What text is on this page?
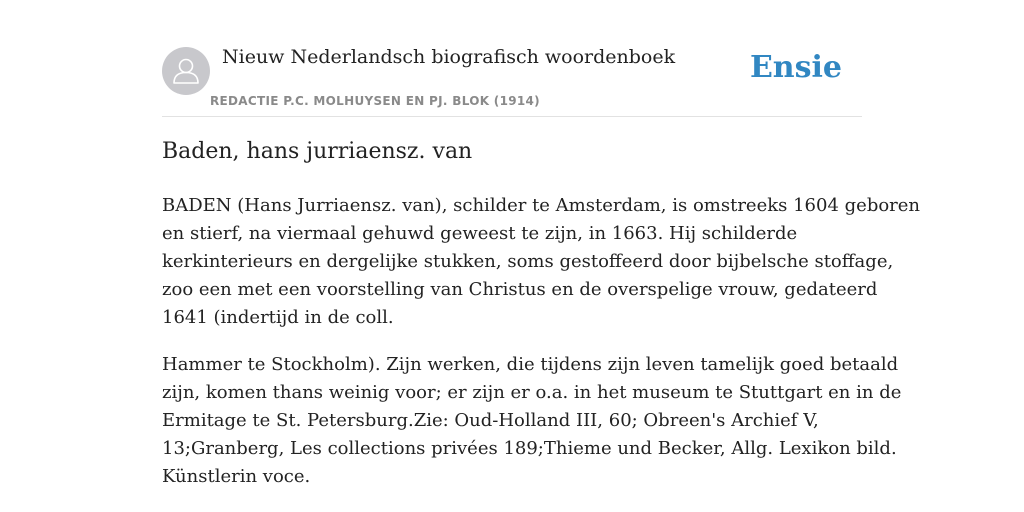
Nieuw Nederlandsch biografisch woordenboek
REDACTIE P.C. MOLHUYSEN EN PJ. BLOK (1914)
Ensie
Baden, hans jurriaensz. van

BADEN (Hans Jurriaensz. van), schilder te Amsterdam, is omstreeks 1604 geboren
en stierf, na viermaal gehuwd geweest te zijn, in 1663. Hij schilderde
kerkinterieurs en dergelijke stukken, soms gestoffeerd door bijbelsche stoffage,
zoo een met een voorstelling van Christus en de overspelige vrouw, gedateerd
1641 (indertijd in de coll.

Hammer te Stockholm). Zijn werken, die tijdens zijn leven tamelijk goed betaald
zijn, komen thans weinig voor; er zijn er o.a. in het museum te Stuttgart en in de
Ermitage te St. Petersburg.Zie: Oud-Holland III, 60; Obreen's Archief V,
13;Granberg, Les collections privées 189;Thieme und Becker, Allg. Lexikon bild.
Künstlerin voce.
